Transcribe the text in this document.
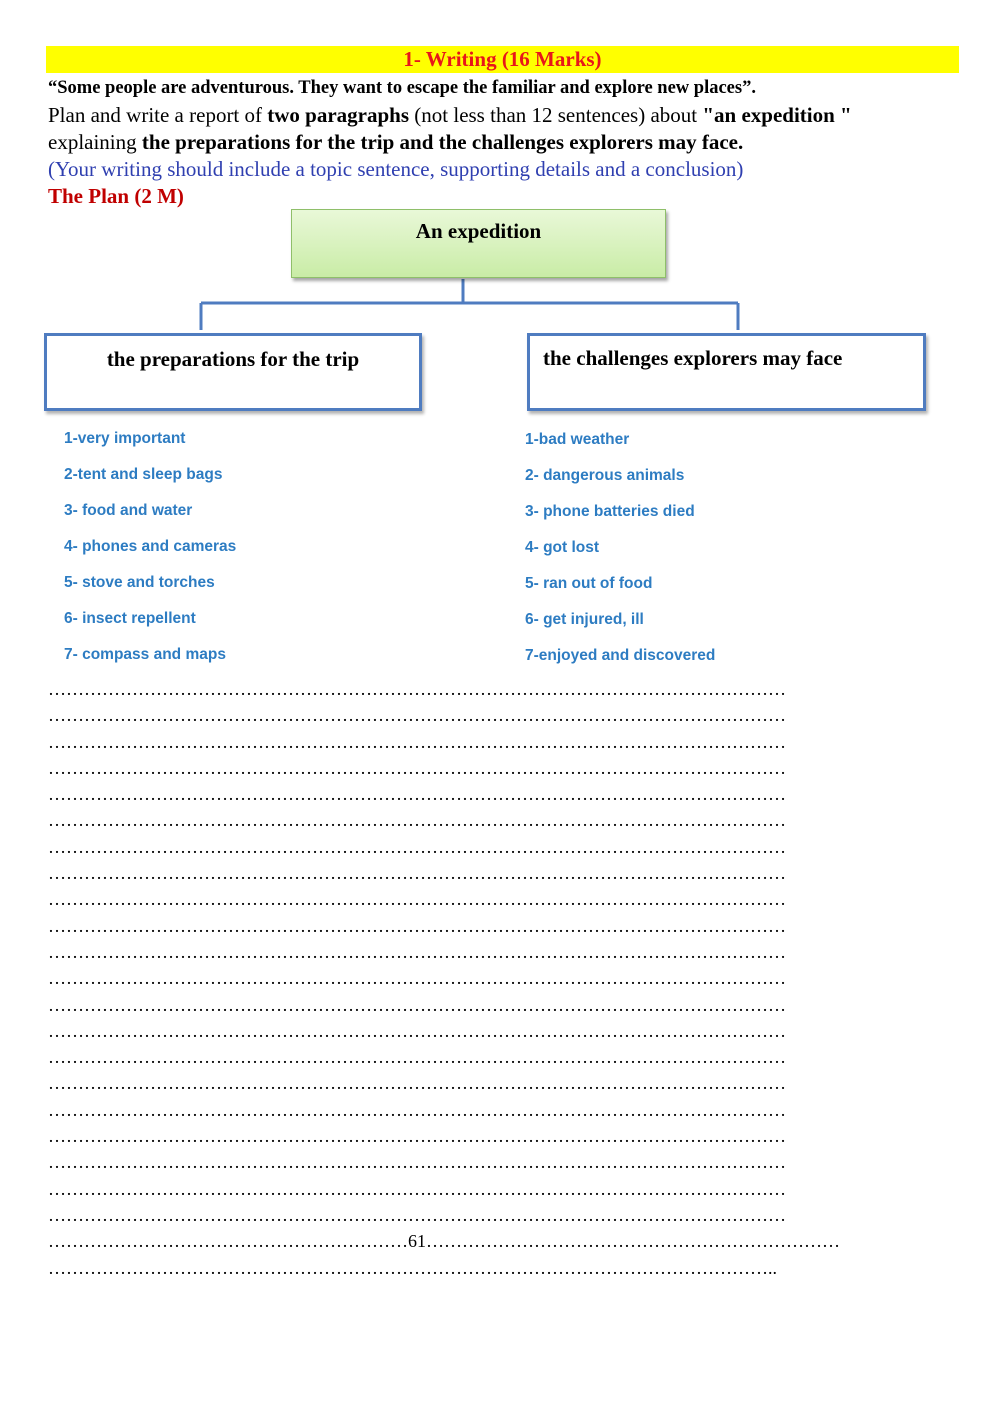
1- Writing (16 Marks)
“Some people are adventurous. They want to escape the familiar and explore new places”.
Plan and write a report of two paragraphs (not less than 12 sentences) about "an expedition "
explaining the preparations for the trip and the challenges explorers may face.
(Your writing should include a topic sentence, supporting details and a conclusion)
The Plan (2 M)
An expedition
the preparations for the trip	the challenges explorers may face
1-very important
2-tent and sleep bags
3- food and water
4- phones and cameras
5- stove and torches
6- insect repellent
7- compass and maps
1-bad weather
2- dangerous animals
3- phone batteries died
4- got lost
5- ran out of food
6- get injured, ill
7-enjoyed and discovered
……………………………………………………………………………………………………………
……………………………………………………………………………………………………………
……………………………………………………………………………………………………………
……………………………………………………………………………………………………………
……………………………………………………………………………………………………………
……………………………………………………………………………………………………………
……………………………………………………………………………………………………………
……………………………………………………………………………………………………………
……………………………………………………………………………………………………………
……………………………………………………………………………………………………………
……………………………………………………………………………………………………………
……………………………………………………………………………………………………………
……………………………………………………………………………………………………………
……………………………………………………………………………………………………………
……………………………………………………………………………………………………………
……………………………………………………………………………………………………………
……………………………………………………………………………………………………………
……………………………………………………………………………………………………………
……………………………………………………………………………………………………………
……………………………………………………………………………………………………………
……………………………………………………………………………………………………………
……………………………………………………61……………………………………………………………
…………………………………………………………………………………………………………..
